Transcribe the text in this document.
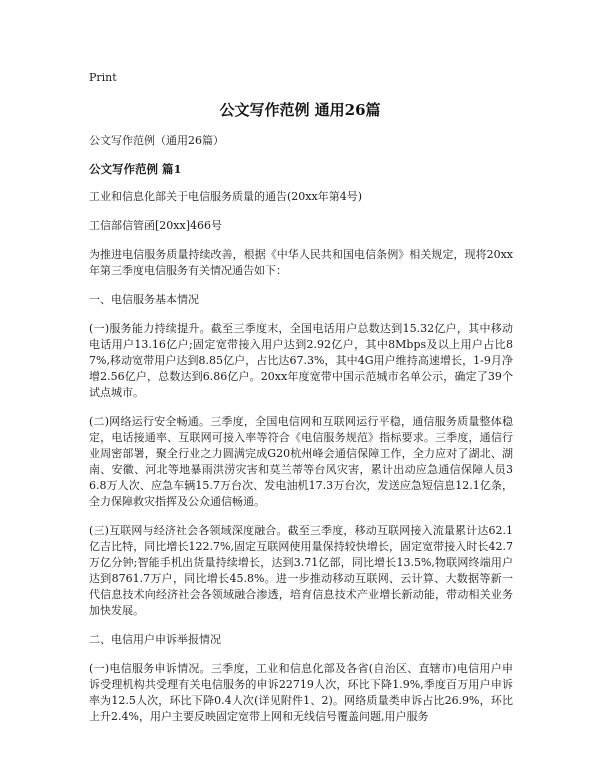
Print
公文写作范例 通用26篇

公文写作范例（通用26篇）

公文写作范例 篇1

工业和信息化部关于电信服务质量的通告(20xx年第4号)

工信部信管函[20xx]466号

为推进电信服务质量持续改善，根据《中华人民共和国电信条例》相关规定，现将20xx年第三季度电信服务有关情况通告如下：

一、电信服务基本情况

(一)服务能力持续提升。截至三季度末，全国电话用户总数达到15.32亿户，其中移动电话用户13.16亿户;固定宽带接入用户达到2.92亿户，其中8Mbps及以上用户占比87%,移动宽带用户达到8.85亿户，占比达67.3%，其中4G用户维持高速增长，1-9月净增2.56亿户，总数达到6.86亿户。20xx年度宽带中国示范城市名单公示，确定了39个试点城市。

(二)网络运行安全畅通。三季度，全国电信网和互联网运行平稳，通信服务质量整体稳定，电话接通率、互联网可接入率等符合《电信服务规范》指标要求。三季度，通信行业周密部署，聚全行业之力圆满完成G20杭州峰会通信保障工作，全力应对了湖北、湖南、安徽、河北等地暴雨洪涝灾害和莫兰蒂等台风灾害，累计出动应急通信保障人员36.8万人次、应急车辆15.7万台次、发电油机17.3万台次，发送应急短信息12.1亿条，全力保障救灾指挥及公众通信畅通。

(三)互联网与经济社会各领域深度融合。截至三季度，移动互联网接入流量累计达62.1亿吉比特，同比增长122.7%,固定互联网使用量保持较快增长，固定宽带接入时长42.7万亿分钟;智能手机出货量持续增长，达到3.71亿部，同比增长13.5%,物联网终端用户达到8761.7万户，同比增长45.8%。进一步推动移动互联网、云计算、大数据等新一代信息技术向经济社会各领域融合渗透，培育信息技术产业增长新动能，带动相关业务加快发展。

二、电信用户申诉举报情况

(一)电信服务申诉情况。三季度，工业和信息化部及各省(自治区、直辖市)电信用户申诉受理机构共受理有关电信服务的申诉22719人次，环比下降1.9%,季度百万用户申诉率为12.5人次，环比下降0.4人次(详见附件1、2)。网络质量类申诉占比26.9%，环比上升2.4%，用户主要反映固定宽带上网和无线信号覆盖问题,用户服务
